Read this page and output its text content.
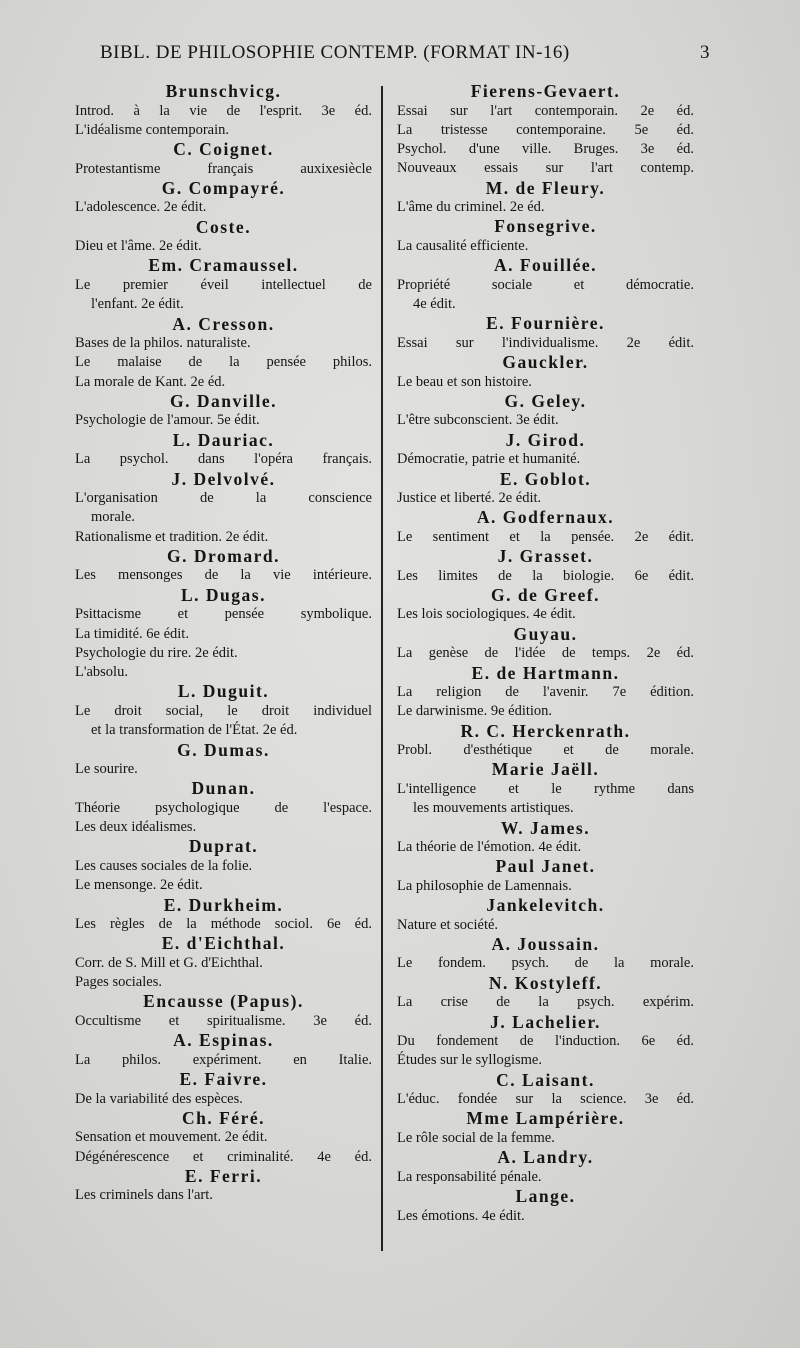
BIBL. DE PHILOSOPHIE CONTEMP. (FORMAT IN-16)	3
Brunschvicg.
Introd. à la vie de l'esprit. 3e éd.
L'idéalisme contemporain.
C. Coignet.
Protestantisme français auxixesiècle
G. Compayré.
L'adolescence. 2e édit.
Coste.
Dieu et l'âme. 2e édit.
Em. Cramaussel.
Le premier éveil intellectuel de
l'enfant. 2e édit.
A. Cresson.
Bases de la philos. naturaliste.
Le malaise de la pensée philos.
La morale de Kant. 2e éd.
G. Danville.
Psychologie de l'amour. 5e édit.
L. Dauriac.
La psychol. dans l'opéra français.
J. Delvolvé.
L'organisation de la conscience
morale.
Rationalisme et tradition. 2e édit.
G. Dromard.
Les mensonges de la vie intérieure.
L. Dugas.
Psittacisme et pensée symbolique.
La timidité. 6e édit.
Psychologie du rire. 2e édit.
L'absolu.
L. Duguit.
Le droit social, le droit individuel
et la transformation de l'État. 2e éd.
G. Dumas.
Le sourire.
Dunan.
Théorie psychologique de l'espace.
Les deux idéalismes.
Duprat.
Les causes sociales de la folie.
Le mensonge. 2e édit.
E. Durkheim.
Les règles de la méthode sociol. 6e éd.
E. d'Eichthal.
Corr. de S. Mill et G. d'Eichthal.
Pages sociales.
Encausse (Papus).
Occultisme et spiritualisme. 3e éd.
A. Espinas.
La philos. expériment. en Italie.
E. Faivre.
De la variabilité des espèces.
Ch. Féré.
Sensation et mouvement. 2e édit.
Dégénérescence et criminalité. 4e éd.
E. Ferri.
Les criminels dans l'art.
Fierens-Gevaert.
Essai sur l'art contemporain. 2e éd.
La tristesse contemporaine. 5e éd.
Psychol. d'une ville. Bruges. 3e éd.
Nouveaux essais sur l'art contemp.
M. de Fleury.
L'âme du criminel. 2e éd.
Fonsegrive.
La causalité efficiente.
A. Fouillée.
Propriété sociale et démocratie.
4e édit.
E. Fournière.
Essai sur l'individualisme. 2e édit.
Gauckler.
Le beau et son histoire.
G. Geley.
L'être subconscient. 3e édit.
J. Girod.
Démocratie, patrie et humanité.
E. Goblot.
Justice et liberté. 2e édit.
A. Godfernaux.
Le sentiment et la pensée. 2e édit.
J. Grasset.
Les limites de la biologie. 6e édit.
G. de Greef.
Les lois sociologiques. 4e édit.
Guyau.
La genèse de l'idée de temps. 2e éd.
E. de Hartmann.
La religion de l'avenir. 7e édition.
Le darwinisme. 9e édition.
R. C. Herckenrath.
Probl. d'esthétique et de morale.
Marie Jaëll.
L'intelligence et le rythme dans
les mouvements artistiques.
W. James.
La théorie de l'émotion. 4e édit.
Paul Janet.
La philosophie de Lamennais.
Jankelevitch.
Nature et société.
A. Joussain.
Le fondem. psych. de la morale.
N. Kostyleff.
La crise de la psych. expérim.
J. Lachelier.
Du fondement de l'induction. 6e éd.
Études sur le syllogisme.
C. Laisant.
L'éduc. fondée sur la science. 3e éd.
Mme Lampérière.
Le rôle social de la femme.
A. Landry.
La responsabilité pénale.
Lange.
Les émotions. 4e édit.
